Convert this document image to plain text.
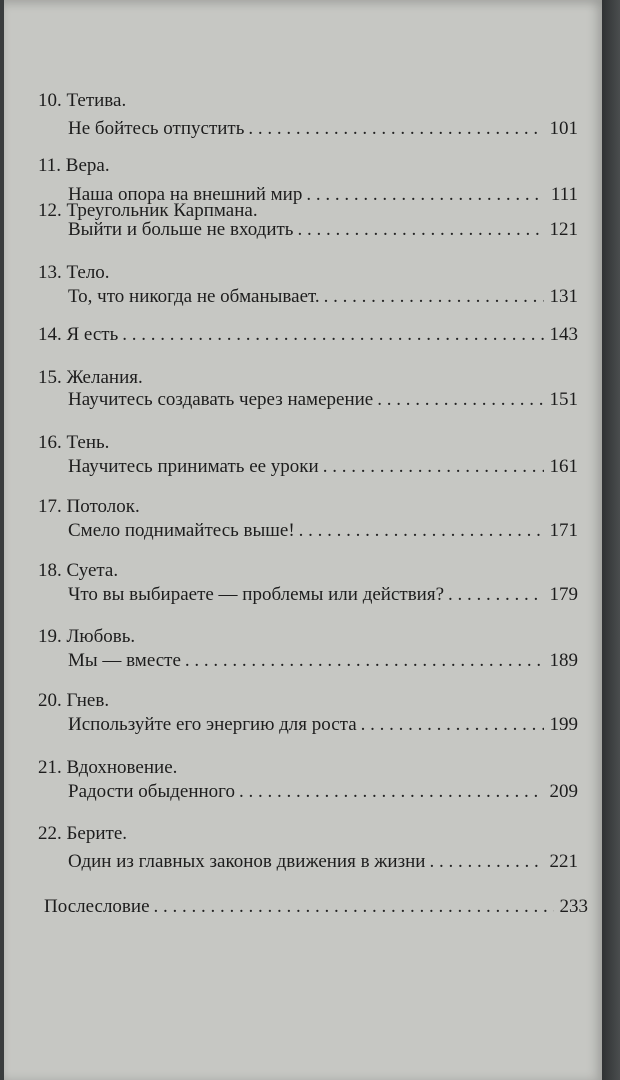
10. Тетива.
Не бойтесь отпустить . . .	101
11. Вера.
Наша опора на внешний мир . . .	111
12. Треугольник Карпмана.
Выйти и больше не входить . . .	121
13. Тело.
То, что никогда не обманывает. . . .	131
14. Я есть . . .	143
15. Желания.
Научитесь создавать через намерение . . .	151
16. Тень.
Научитесь принимать ее уроки . . .	161
17. Потолок.
Смело поднимайтесь выше! . . .	171
18. Суета.
Что вы выбираете — проблемы или действия? . . .	179
19. Любовь.
Мы — вместе . . .	189
20. Гнев.
Используйте его энергию для роста . . .	199
21. Вдохновение.
Радости обыденного . . .	209
22. Берите.
Один из главных законов движения в жизни . . .	221
Послесловие . . .	233
